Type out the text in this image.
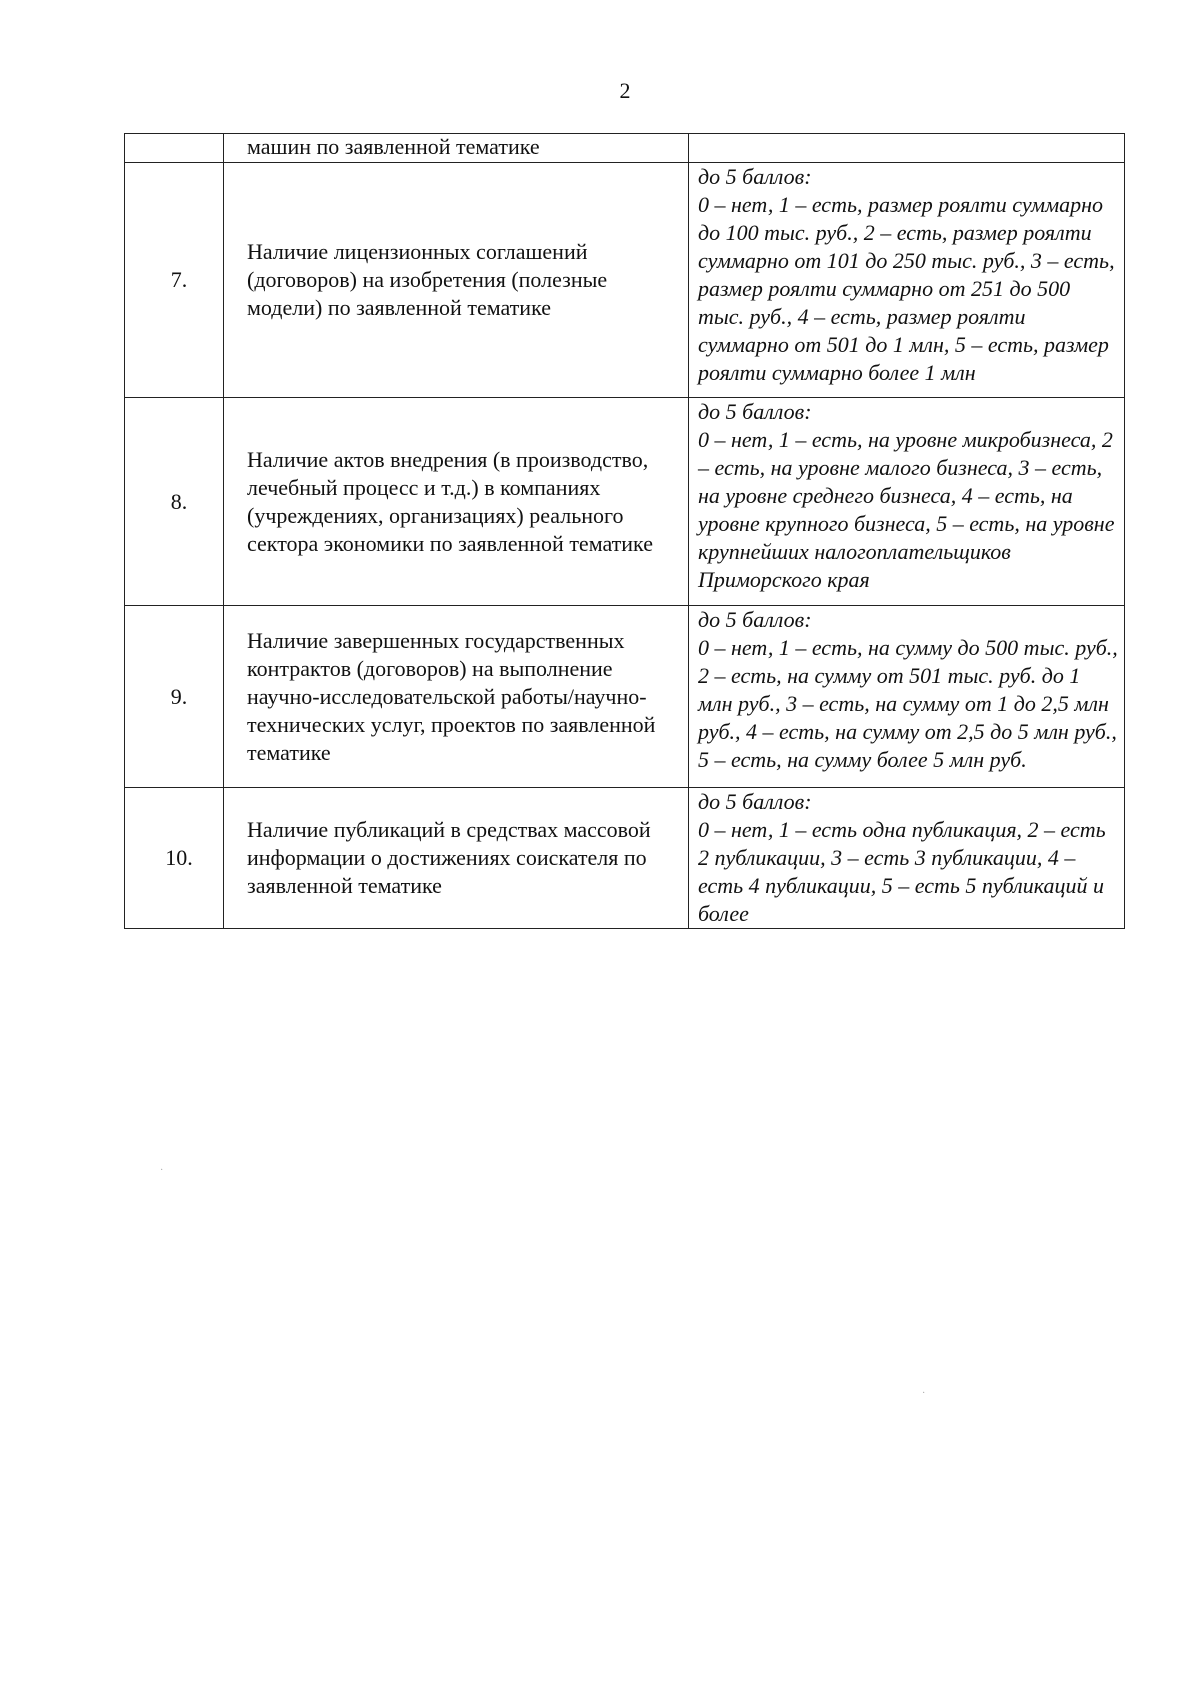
2
	машин по заявленной тематике	
7.	Наличие лицензионных соглашений (договоров) на изобретения (полезные модели) по заявленной тематике	до 5 баллов:
0 – нет, 1 – есть, размер роялти суммарно до 100 тыс. руб., 2 – есть, размер роялти суммарно от 101 до 250 тыс. руб., 3 – есть, размер роялти суммарно от 251 до 500 тыс. руб., 4 – есть, размер роялти суммарно от 501 до 1 млн, 5 – есть, размер роялти суммарно более 1 млн

8.	Наличие актов внедрения (в производство, лечебный процесс и т.д.) в компаниях (учреждениях, организациях) реального сектора экономики по заявленной тематике	до 5 баллов:
0 – нет, 1 – есть, на уровне микробизнеса, 2 – есть, на уровне малого бизнеса, 3 – есть, на уровне среднего бизнеса, 4 – есть, на уровне крупного бизнеса, 5 – есть, на уровне крупнейших налогоплательщиков Приморского края

9.	Наличие завершенных государственных контрактов (договоров) на выполнение научно-исследовательской работы/научно-технических услуг, проектов по заявленной тематике	до 5 баллов:
0 – нет, 1 – есть, на сумму до 500 тыс. руб., 2 – есть, на сумму от 501 тыс. руб. до 1 млн руб., 3 – есть, на сумму от 1 до 2,5 млн руб., 4 – есть, на сумму от 2,5 до 5 млн руб., 5 – есть, на сумму более 5 млн руб.

10.	Наличие публикаций в средствах массовой информации о достижениях соискателя по заявленной тематике	до 5 баллов:
0 – нет, 1 – есть одна публикация, 2 – есть 2 публикации, 3 – есть 3 публикации, 4 – есть 4 публикации, 5 – есть 5 публикаций и более
·
·
